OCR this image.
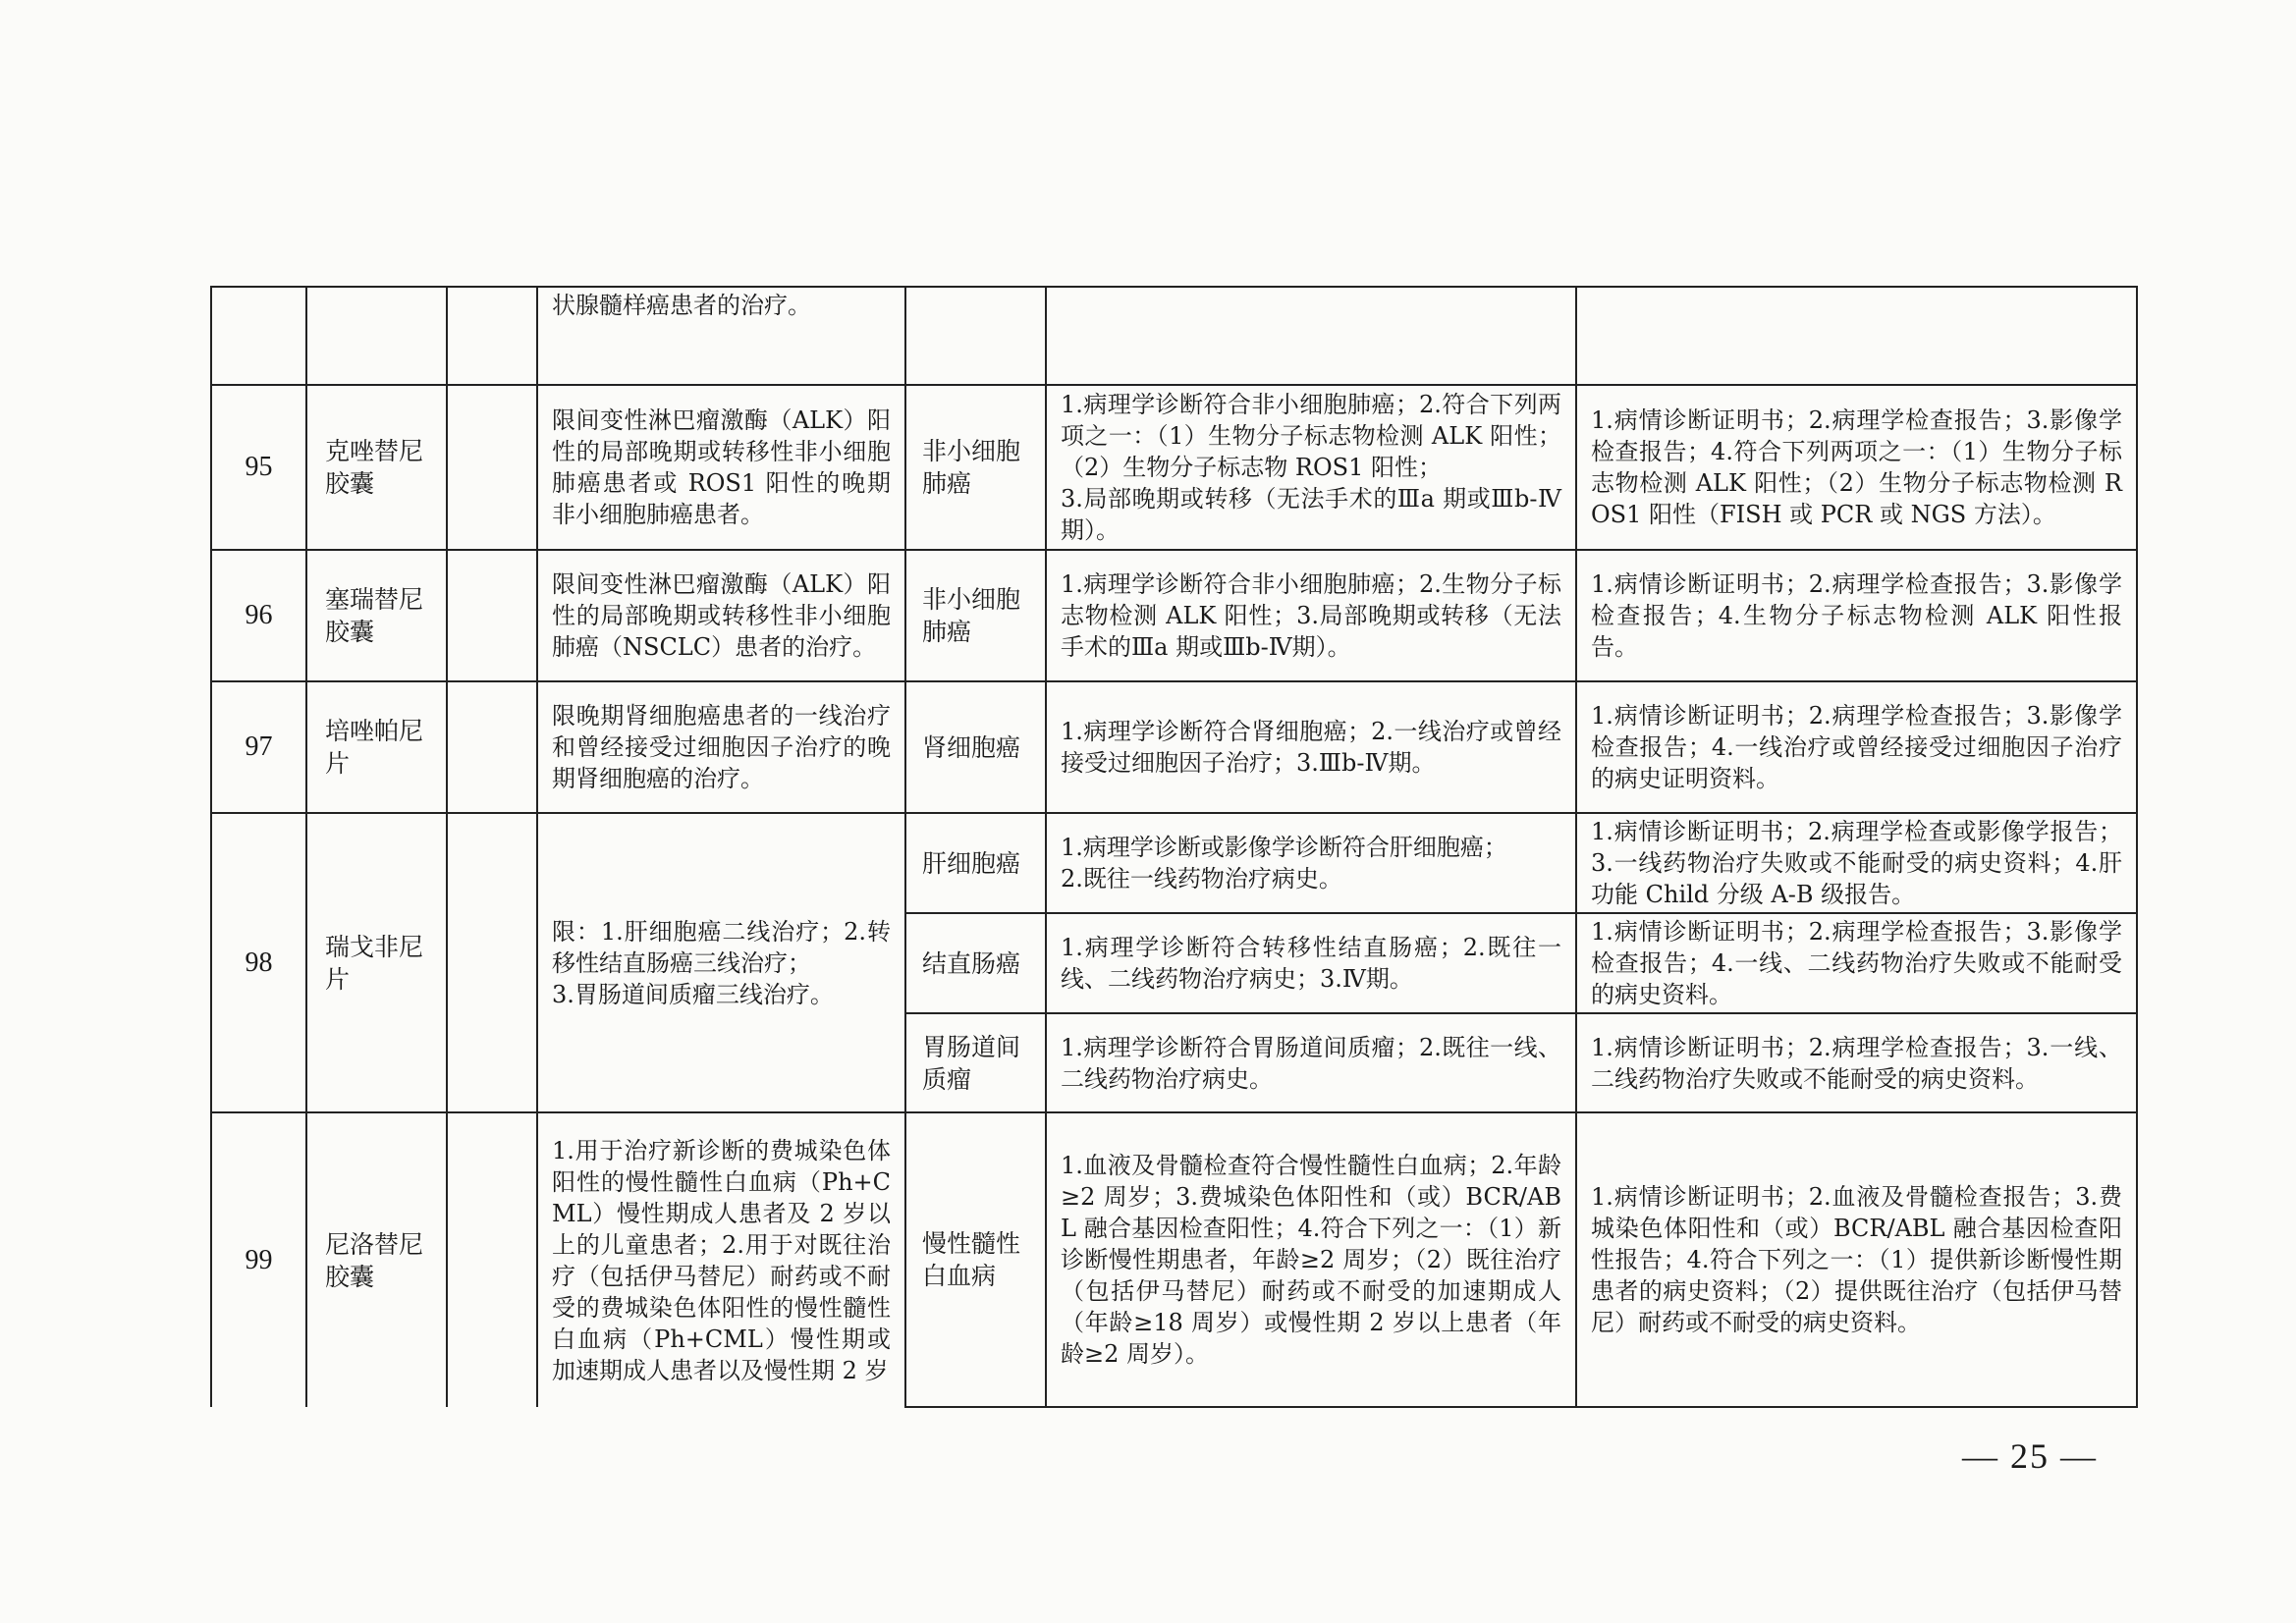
			状腺髓样癌患者的治疗。			

95	克唑替尼
胶囊		限间变性淋巴瘤激酶（ALK）阳性的局部晚期或转移性非小细胞肺癌患者或 ROS1 阳性的晚期非小细胞肺癌患者。	非小细胞
肺癌	1.病理学诊断符合非小细胞肺癌；2.符合下列两项之一：（1）生物分子标志物检测 ALK 阳性；（2）生物分子标志物 ROS1 阳性；
3.局部晚期或转移（无法手术的Ⅲa 期或Ⅲb-Ⅳ期）。	1.病情诊断证明书；2.病理学检查报告；3.影像学检查报告；4.符合下列两项之一：（1）生物分子标志物检测 ALK 阳性；（2）生物分子标志物检测 ROS1 阳性（FISH 或 PCR 或 NGS 方法）。

96	塞瑞替尼
胶囊		限间变性淋巴瘤激酶（ALK）阳性的局部晚期或转移性非小细胞肺癌（NSCLC）患者的治疗。	非小细胞
肺癌	1.病理学诊断符合非小细胞肺癌；2.生物分子标志物检测 ALK 阳性；3.局部晚期或转移（无法手术的Ⅲa 期或Ⅲb-Ⅳ期）。	1.病情诊断证明书；2.病理学检查报告；3.影像学检查报告；4.生物分子标志物检测 ALK 阳性报告。

97	培唑帕尼
片		限晚期肾细胞癌患者的一线治疗和曾经接受过细胞因子治疗的晚期肾细胞癌的治疗。	肾细胞癌	1.病理学诊断符合肾细胞癌；2.一线治疗或曾经接受过细胞因子治疗；3.Ⅲb-Ⅳ期。	1.病情诊断证明书；2.病理学检查报告；3.影像学检查报告；4.一线治疗或曾经接受过细胞因子治疗的病史证明资料。

98	瑞戈非尼
片		限：1.肝细胞癌二线治疗；2.转移性结直肠癌三线治疗；
3.胃肠道间质瘤三线治疗。	肝细胞癌	1.病理学诊断或影像学诊断符合肝细胞癌；
2.既往一线药物治疗病史。	1.病情诊断证明书；2.病理学检查或影像学报告；3.一线药物治疗失败或不能耐受的病史资料；4.肝功能 Child 分级 A-B 级报告。

				结直肠癌	1.病理学诊断符合转移性结直肠癌；2.既往一线、二线药物治疗病史；3.Ⅳ期。	1.病情诊断证明书；2.病理学检查报告；3.影像学检查报告；4.一线、二线药物治疗失败或不能耐受的病史资料。

				胃肠道间
质瘤	1.病理学诊断符合胃肠道间质瘤；2.既往一线、二线药物治疗病史。	1.病情诊断证明书；2.病理学检查报告；3.一线、二线药物治疗失败或不能耐受的病史资料。

99	尼洛替尼
胶囊		1.用于治疗新诊断的费城染色体阳性的慢性髓性白血病（Ph+CML）慢性期成人患者及 2 岁以上的儿童患者；2.用于对既往治疗（包括伊马替尼）耐药或不耐受的费城染色体阳性的慢性髓性白血病（Ph+CML）慢性期或加速期成人患者以及慢性期 2 岁	慢性髓性
白血病	1.血液及骨髓检查符合慢性髓性白血病；2.年龄≥2 周岁；3.费城染色体阳性和（或）BCR/ABL 融合基因检查阳性；4.符合下列之一：（1）新诊断慢性期患者，年龄≥2 周岁；（2）既往治疗（包括伊马替尼）耐药或不耐受的加速期成人（年龄≥18 周岁）或慢性期 2 岁以上患者（年龄≥2 周岁）。	1.病情诊断证明书；2.血液及骨髓检查报告；3.费城染色体阳性和（或）BCR/ABL 融合基因检查阳性报告；4.符合下列之一：（1）提供新诊断慢性期患者的病史资料；（2）提供既往治疗（包括伊马替尼）耐药或不耐受的病史资料。
— 25 —
